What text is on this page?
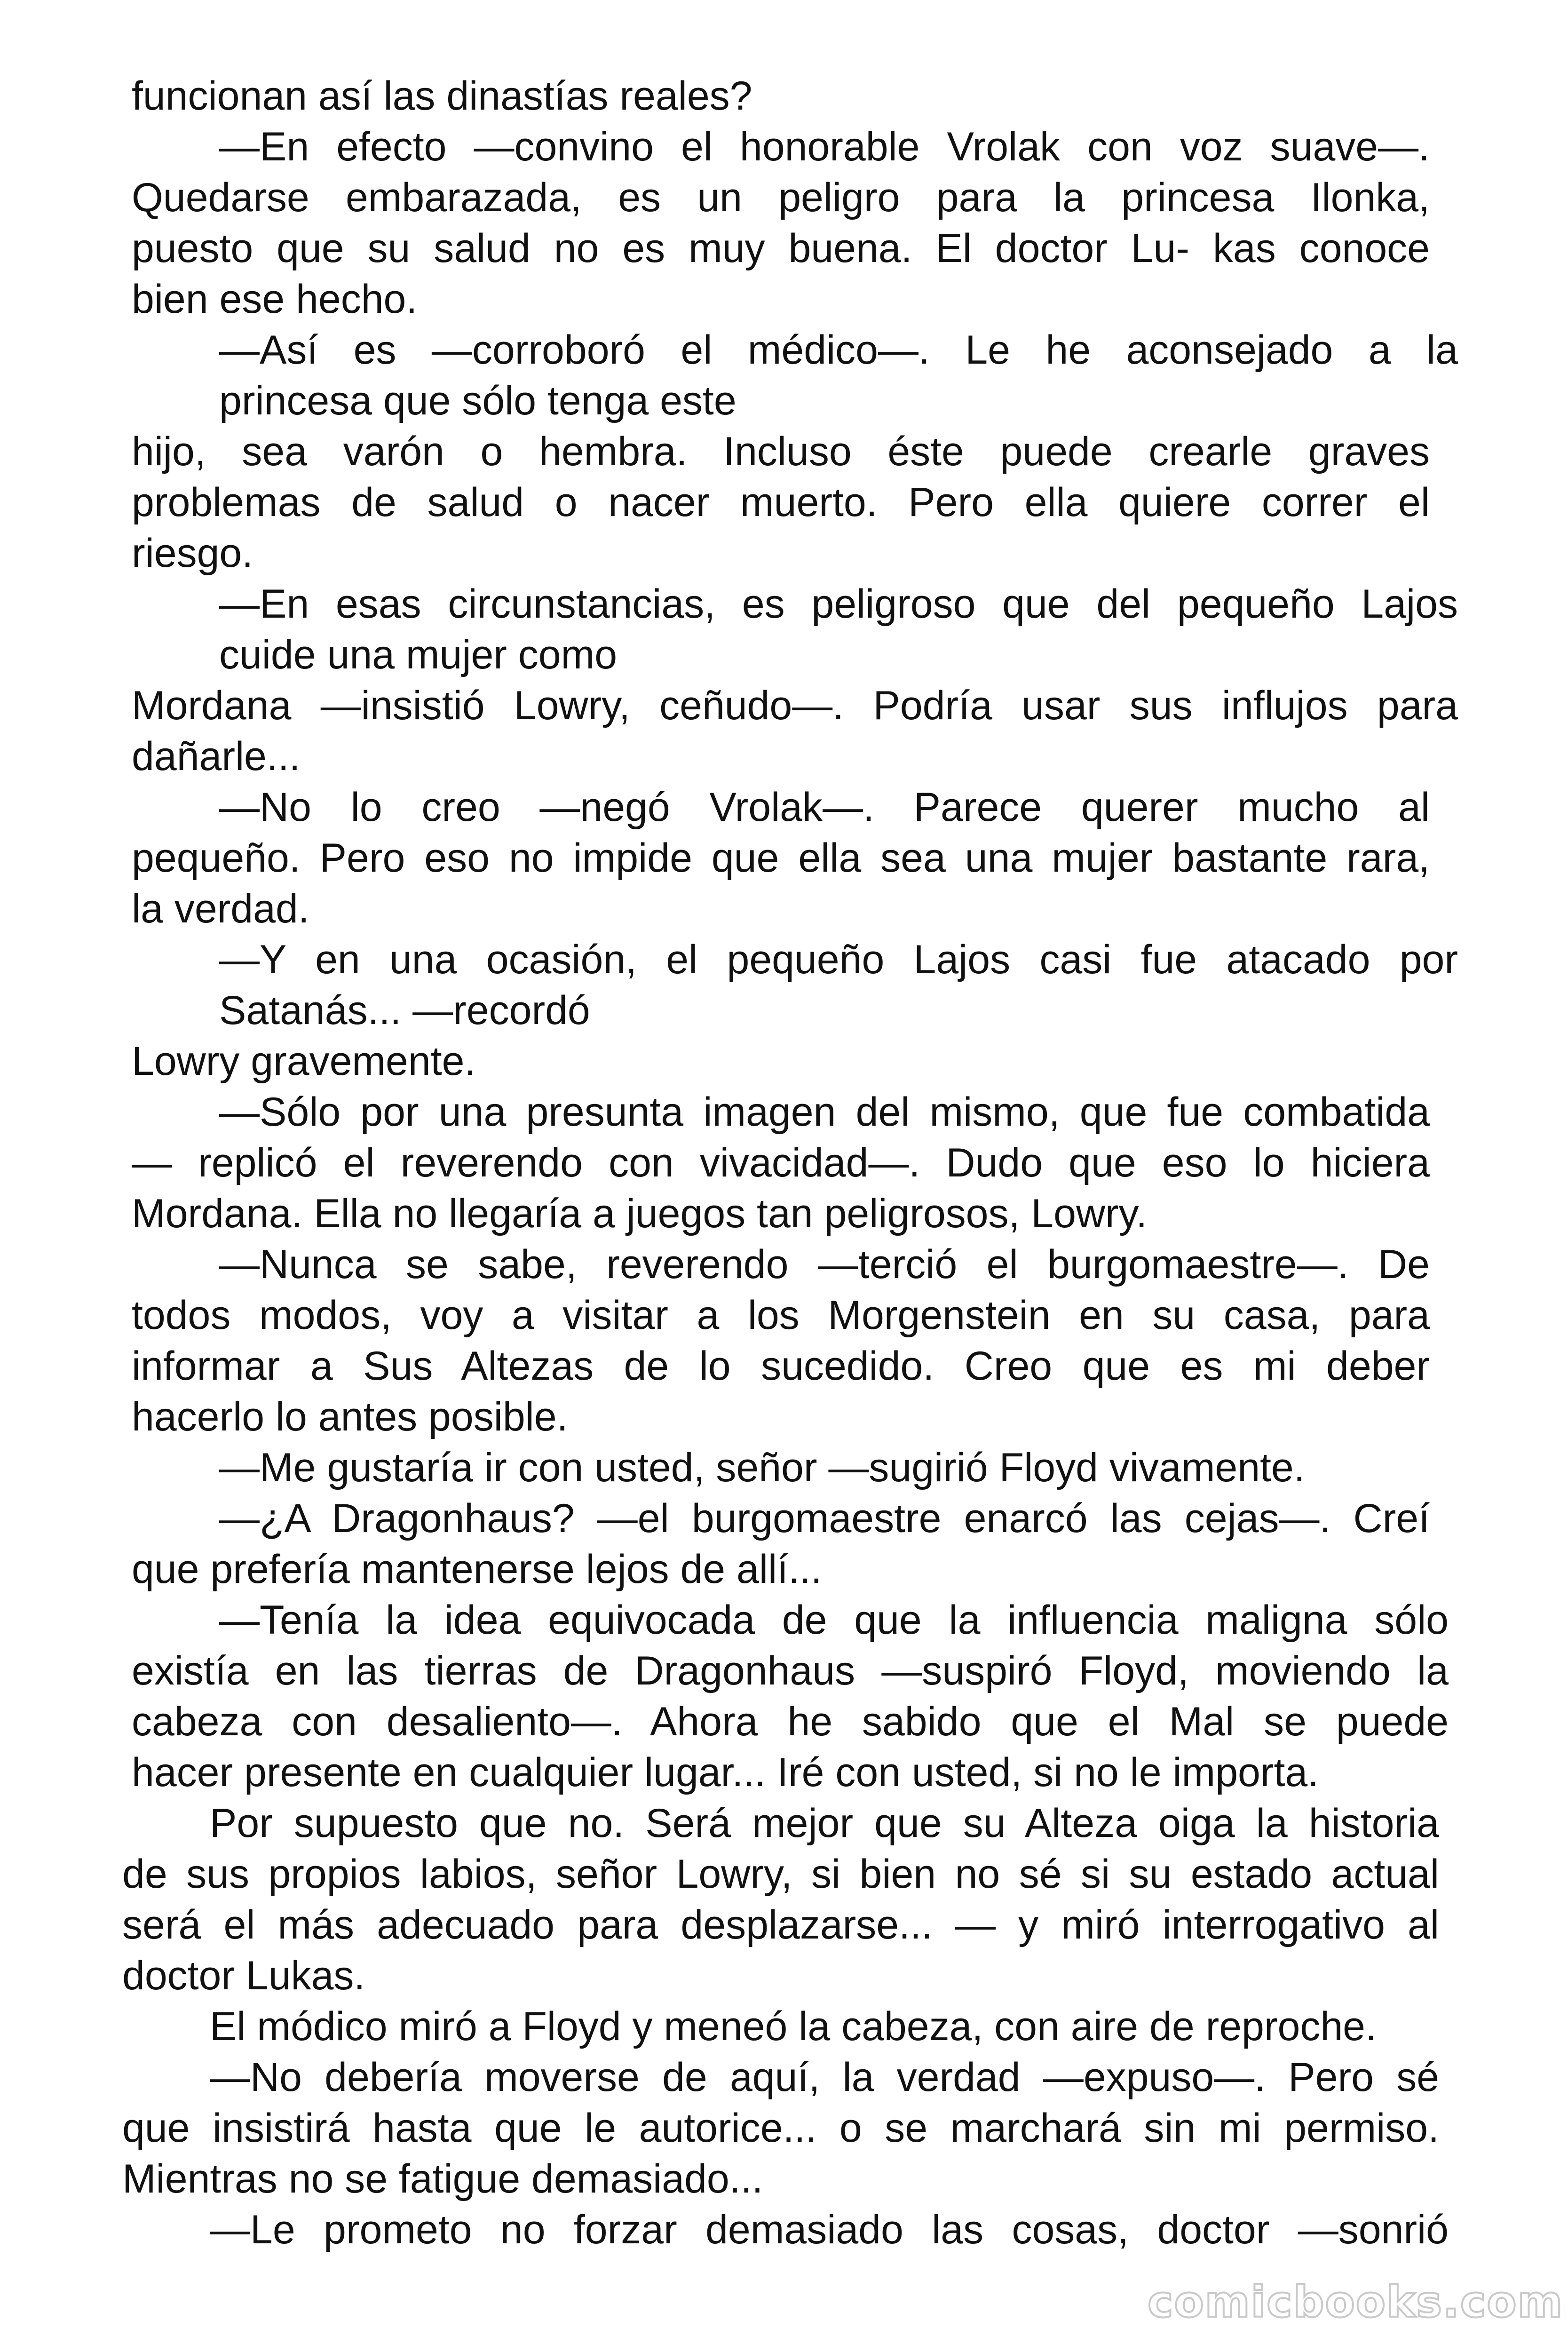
funcionan así las dinastías reales?
—En efecto —convino el honorable Vrolak con voz suave—.
Quedarse embarazada, es un peligro para la princesa Ilonka,
puesto que su salud no es muy buena. El doctor Lu- kas conoce
bien ese hecho.
—Así es —corroboró el médico—. Le he aconsejado a la
princesa que sólo tenga este
hijo, sea varón o hembra. Incluso éste puede crearle graves
problemas de salud o nacer muerto. Pero ella quiere correr el
riesgo.
—En esas circunstancias, es peligroso que del pequeño Lajos
cuide una mujer como
Mordana —insistió Lowry, ceñudo—. Podría usar sus influjos para
dañarle...
—No lo creo —negó Vrolak—. Parece querer mucho al
pequeño. Pero eso no impide que ella sea una mujer bastante rara,
la verdad.
—Y en una ocasión, el pequeño Lajos casi fue atacado por
Satanás... —recordó
Lowry gravemente.
—Sólo por una presunta imagen del mismo, que fue combatida
— replicó el reverendo con vivacidad—. Dudo que eso lo hiciera
Mordana. Ella no llegaría a juegos tan peligrosos, Lowry.
—Nunca se sabe, reverendo —terció el burgomaestre—. De
todos modos, voy a visitar a los Morgenstein en su casa, para
informar a Sus Altezas de lo sucedido. Creo que es mi deber
hacerlo lo antes posible.
—Me gustaría ir con usted, señor —sugirió Floyd vivamente.
—¿A Dragonhaus? —el burgomaestre enarcó las cejas—. Creí
que prefería mantenerse lejos de allí...
—Tenía la idea equivocada de que la influencia maligna sólo
existía en las tierras de Dragonhaus —suspiró Floyd, moviendo la
cabeza con desaliento—. Ahora he sabido que el Mal se puede
hacer presente en cualquier lugar... Iré con usted, si no le importa.
Por supuesto que no. Será mejor que su Alteza oiga la historia
de sus propios labios, señor Lowry, si bien no sé si su estado actual
será el más adecuado para desplazarse... — y miró interrogativo al
doctor Lukas.
El módico miró a Floyd y meneó la cabeza, con aire de reproche.
—No debería moverse de aquí, la verdad —expuso—. Pero sé
que insistirá hasta que le autorice... o se marchará sin mi permiso.
Mientras no se fatigue demasiado...
—Le prometo no forzar demasiado las cosas, doctor —sonrió
comicbooks.com
